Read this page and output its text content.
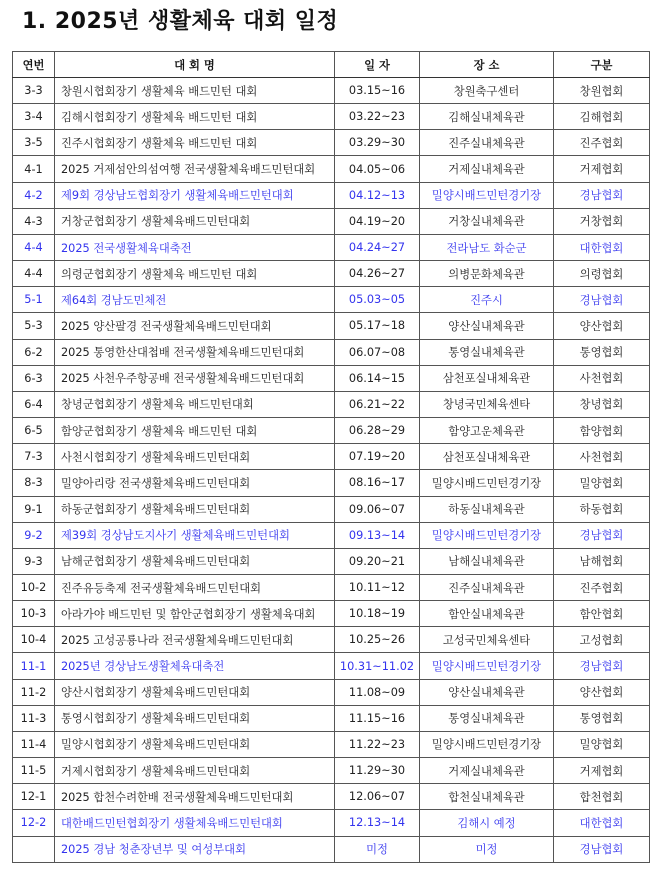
1. 2025년 생활체육 대회 일정
연번	대 회 명	일 자	장 소	구분
3-3	창원시협회장기 생활체육 배드민턴 대회	03.15~16	창원축구센터	창원협회
3-4	김해시협회장기 생활체육 배드민턴 대회	03.22~23	김해실내체육관	김해협회
3-5	진주시협회장기 생활체육 배드민턴 대회	03.29~30	진주실내체육관	진주협회
4-1	2025 거제섬안의섬여행 전국생활체육배드민턴대회	04.05~06	거제실내체육관	거제협회
4-2	제9회 경상남도협회장기 생활체육배드민턴대회	04.12~13	밀양시배드민턴경기장	경남협회
4-3	거창군협회장기 생활체육배드민턴대회	04.19~20	거창실내체육관	거창협회
4-4	2025 전국생활체육대축전	04.24~27	전라남도 화순군	대한협회
4-4	의령군협회장기 생활체육 배드민턴 대회	04.26~27	의병문화체육관	의령협회
5-1	제64회 경남도민체전	05.03~05	진주시	경남협회
5-3	2025 양산팔경 전국생활체육배드민턴대회	05.17~18	양산실내체육관	양산협회
6-2	2025 통영한산대첩배 전국생활체육배드민턴대회	06.07~08	통영실내체육관	통영협회
6-3	2025 사천우주항공배 전국생활체육배드민턴대회	06.14~15	삼천포실내체육관	사천협회
6-4	창녕군협회장기 생활체육 배드민턴대회	06.21~22	창녕국민체육센타	창녕협회
6-5	함양군협회장기 생활체육 배드민턴 대회	06.28~29	함양고운체육관	함양협회
7-3	사천시협회장기 생활체육배드민턴대회	07.19~20	삼천포실내체육관	사천협회
8-3	밀양아리랑 전국생활체육배드민턴대회	08.16~17	밀양시배드민턴경기장	밀양협회
9-1	하동군협회장기 생활체육배드민턴대회	09.06~07	하동실내체육관	하동협회
9-2	제39회 경상남도지사기 생활체육배드민턴대회	09.13~14	밀양시배드민턴경기장	경남협회
9-3	남해군협회장기 생활체육배드민턴대회	09.20~21	남해실내체육관	남해협회
10-2	진주유등축제 전국생활체육배드민턴대회	10.11~12	진주실내체육관	진주협회
10-3	아라가야 배드민턴 및 함안군협회장기 생활체육대회	10.18~19	함안실내체육관	함안협회
10-4	2025 고성공룡나라 전국생활체육배드민턴대회	10.25~26	고성국민체육센타	고성협회
11-1	2025년 경상남도생활체육대축전	10.31~11.02	밀양시배드민턴경기장	경남협회
11-2	양산시협회장기 생활체육배드민턴대회	11.08~09	양산실내체육관	양산협회
11-3	통영시협회장기 생활체육배드민턴대회	11.15~16	통영실내체육관	통영협회
11-4	밀양시협회장기 생활체육배드민턴대회	11.22~23	밀양시배드민턴경기장	밀양협회
11-5	거제시협회장기 생활체육배드민턴대회	11.29~30	거제실내체육관	거제협회
12-1	2025 합천수려한배 전국생활체육배드민턴대회	12.06~07	합천실내체육관	합천협회
12-2	대한배드민턴협회장기 생활체육배드민턴대회	12.13~14	김해시 예정	대한협회
	2025 경남 청춘장년부 및 여성부대회	미정	미정	경남협회
